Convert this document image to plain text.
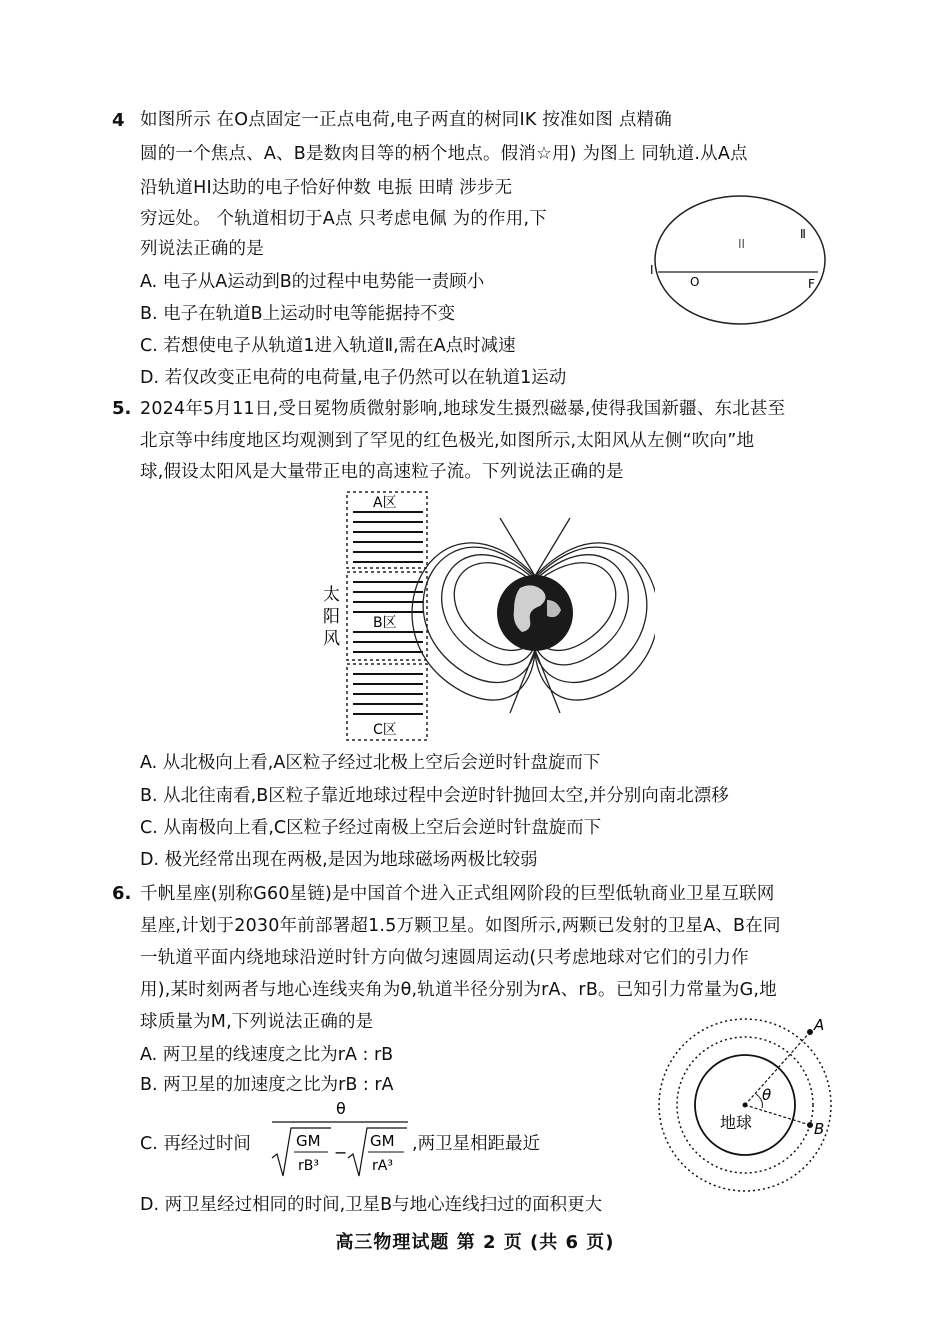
4 如图所示 在O点固定一正点电荷,电子两直的树同IK 按准如图 点精确
圆的一个焦点、A、B是数肉目等的柄个地点。假消☆用) 为图上 同轨道.从A点
沿轨道HI达助的电子恰好仲数 电振 田晴 涉步无
穷远处。 个轨道相切于A点 只考虑电佩 为的作用,下
列说法正确的是
A. 电子从A运动到B的过程中电势能一责顾小
B. 电子在轨道B上运动时电等能据持不变
C. 若想使电子从轨道1进入轨道Ⅱ,需在A点时减速
D. 若仅改变正电荷的电荷量,电子仍然可以在轨道1运动
I
II
O	F
Ⅱ
5. 2024年5月11日,受日冕物质微射影响,地球发生摄烈磁暴,使得我国新疆、东北甚至
北京等中纬度地区均观测到了罕见的红色极光,如图所示,太阳风从左侧“吹向”地
球,假设太阳风是大量带正电的高速粒子流。下列说法正确的是
太
阳
风
A区
B区
C区
A. 从北极向上看,A区粒子经过北极上空后会逆时针盘旋而下
B. 从北往南看,B区粒子靠近地球过程中会逆时针抛回太空,并分别向南北漂移
C. 从南极向上看,C区粒子经过南极上空后会逆时针盘旋而下
D. 极光经常出现在两极,是因为地球磁场两极比较弱
6. 千帆星座(别称G60星链)是中国首个进入正式组网阶段的巨型低轨商业卫星互联网
星座,计划于2030年前部署超1.5万颗卫星。如图所示,两颗已发射的卫星A、B在同
一轨道平面内绕地球沿逆时针方向做匀速圆周运动(只考虑地球对它们的引力作
用),某时刻两者与地心连线夹角为θ,轨道半径分别为rA、rB。已知引力常量为G,地
球质量为M,下列说法正确的是
A. 两卫星的线速度之比为rA : rB
B. 两卫星的加速度之比为rB : rA
C. 再经过时间
θ
GM
rB³
−
GM
rA³
,两卫星相距最近
D. 两卫星经过相同的时间,卫星B与地心连线扫过的面积更大
θ
A
B
地球
高三物理试题 第 2 页 (共 6 页)
